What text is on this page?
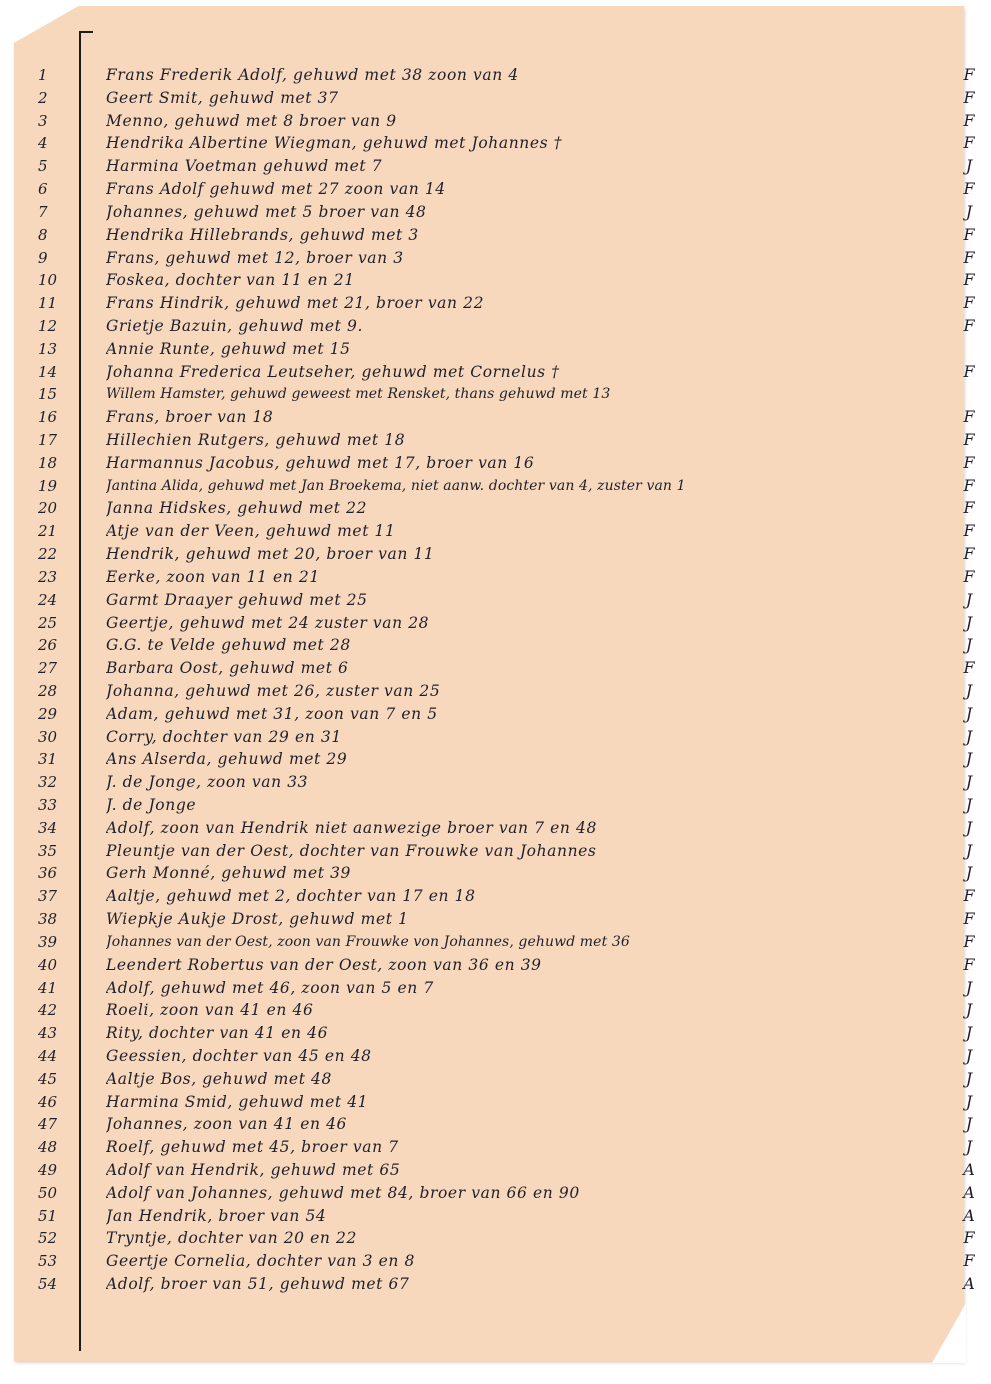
1	Frans Frederik Adolf, gehuwd met 38 zoon van 4	F
2	Geert Smit, gehuwd met 37	F
3	Menno, gehuwd met 8 broer van 9	F
4	Hendrika Albertine Wiegman, gehuwd met Johannes †	F
5	Harmina Voetman gehuwd met 7	J
6	Frans Adolf gehuwd met 27 zoon van 14	F
7	Johannes, gehuwd met 5 broer van 48	J
8	Hendrika Hillebrands, gehuwd met 3	F
9	Frans, gehuwd met 12, broer van 3	F
10	Foskea, dochter van 11 en 21	F
11	Frans Hindrik, gehuwd met 21, broer van 22	F
12	Grietje Bazuin, gehuwd met 9.	F
13	Annie Runte, gehuwd met 15
14	Johanna Frederica Leutseher, gehuwd met Cornelus †	F
15	Willem Hamster, gehuwd geweest met Rensket, thans gehuwd met 13
16	Frans, broer van 18	F
17	Hillechien Rutgers, gehuwd met 18	F
18	Harmannus Jacobus, gehuwd met 17, broer van 16	F
19	Jantina Alida, gehuwd met Jan Broekema, niet aanw. dochter van 4, zuster van 1	F
20	Janna Hidskes, gehuwd met 22	F
21	Atje van der Veen, gehuwd met 11	F
22	Hendrik, gehuwd met 20, broer van 11	F
23	Eerke, zoon van 11 en 21	F
24	Garmt Draayer gehuwd met 25	J
25	Geertje, gehuwd met 24 zuster van 28	J
26	G.G. te Velde gehuwd met 28	J
27	Barbara Oost, gehuwd met 6	F
28	Johanna, gehuwd met 26, zuster van 25	J
29	Adam, gehuwd met 31, zoon van 7 en 5	J
30	Corry, dochter van 29 en 31	J
31	Ans Alserda, gehuwd met 29	J
32	J. de Jonge, zoon van 33	J
33	J. de Jonge	J
34	Adolf, zoon van Hendrik niet aanwezige broer van 7 en 48	J
35	Pleuntje van der Oest, dochter van Frouwke van Johannes	J
36	Gerh Monné, gehuwd met 39	J
37	Aaltje, gehuwd met 2, dochter van 17 en 18	F
38	Wiepkje Aukje Drost, gehuwd met 1	F
39	Johannes van der Oest, zoon van Frouwke von Johannes, gehuwd met 36	F
40	Leendert Robertus van der Oest, zoon van 36 en 39	F
41	Adolf, gehuwd met 46, zoon van 5 en 7	J
42	Roeli, zoon van 41 en 46	J
43	Rity, dochter van 41 en 46	J
44	Geessien, dochter van 45 en 48	J
45	Aaltje Bos, gehuwd met 48	J
46	Harmina Smid, gehuwd met 41	J
47	Johannes, zoon van 41 en 46	J
48	Roelf, gehuwd met 45, broer van 7	J
49	Adolf van Hendrik, gehuwd met 65	A
50	Adolf van Johannes, gehuwd met 84, broer van 66 en 90	A
51	Jan Hendrik, broer van 54	A
52	Tryntje, dochter van 20 en 22	F
53	Geertje Cornelia, dochter van 3 en 8	F
54	Adolf, broer van 51, gehuwd met 67	A
